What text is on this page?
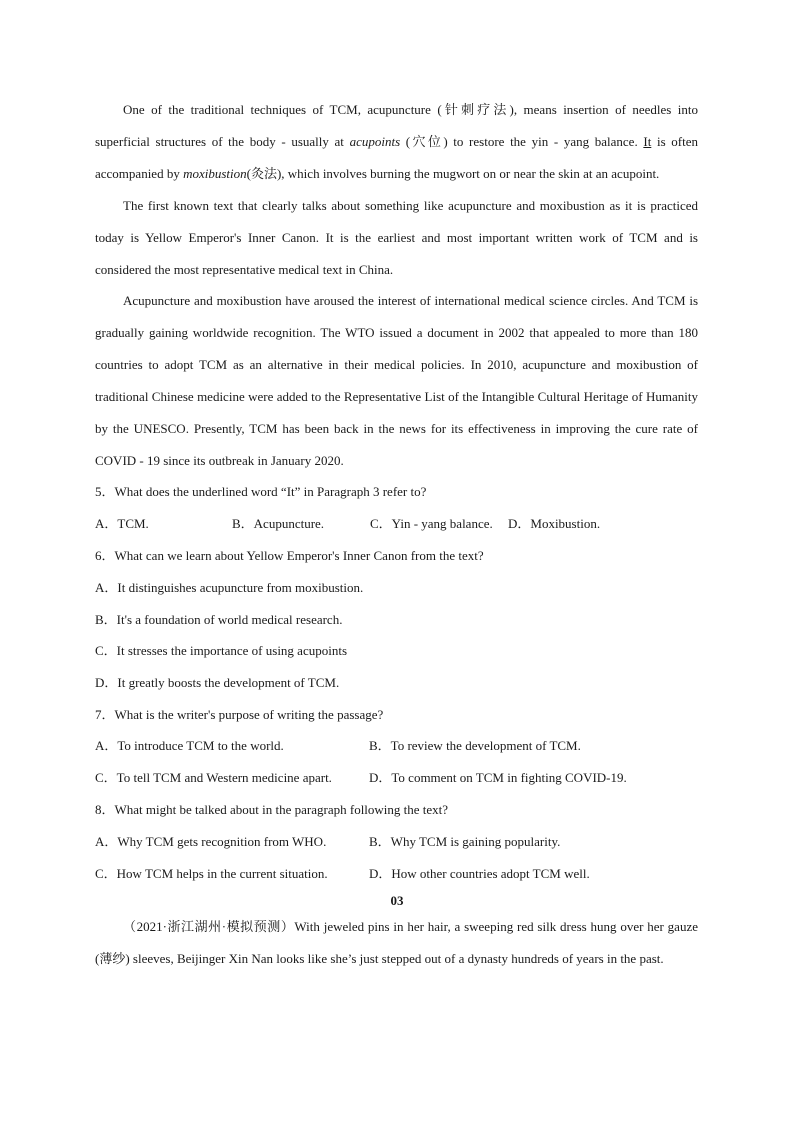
One of the traditional techniques of TCM, acupuncture (针刺疗法), means insertion of needles into superficial structures of the body - usually at acupoints (穴位) to restore the yin - yang balance. It is often accompanied by moxibustion(灸法), which involves burning the mugwort on or near the skin at an acupoint.

The first known text that clearly talks about something like acupuncture and moxibustion as it is practiced today is Yellow Emperor's Inner Canon. It is the earliest and most important written work of TCM and is considered the most representative medical text in China.

Acupuncture and moxibustion have aroused the interest of international medical science circles. And TCM is gradually gaining worldwide recognition. The WTO issued a document in 2002 that appealed to more than 180 countries to adopt TCM as an alternative in their medical policies. In 2010, acupuncture and moxibustion of traditional Chinese medicine were added to the Representative List of the Intangible Cultural Heritage of Humanity by the UNESCO. Presently, TCM has been back in the news for its effectiveness in improving the cure rate of COVID - 19 since its outbreak in January 2020.

5．What does the underlined word “It” in Paragraph 3 refer to?
A．TCM.	B．Acupuncture.	C．Yin - yang balance. D．Moxibustion.
6．What can we learn about Yellow Emperor's Inner Canon from the text?
A．It distinguishes acupuncture from moxibustion.
B．It's a foundation of world medical research.
C．It stresses the importance of using acupoints
D．It greatly boosts the development of TCM.
7．What is the writer's purpose of writing the passage?
A．To introduce TCM to the world.	B．To review the development of TCM.
C．To tell TCM and Western medicine apart.	D．To comment on TCM in fighting COVID-19.
8．What might be talked about in the paragraph following the text?
A．Why TCM gets recognition from WHO.	B．Why TCM is gaining popularity.
C．How TCM helps in the current situation.	D．How other countries adopt TCM well.
03

（2021·浙江湖州·模拟预测）With jeweled pins in her hair, a sweeping red silk dress hung over her gauze (薄纱) sleeves, Beijinger Xin Nan looks like she’s just stepped out of a dynasty hundreds of years in the past.
